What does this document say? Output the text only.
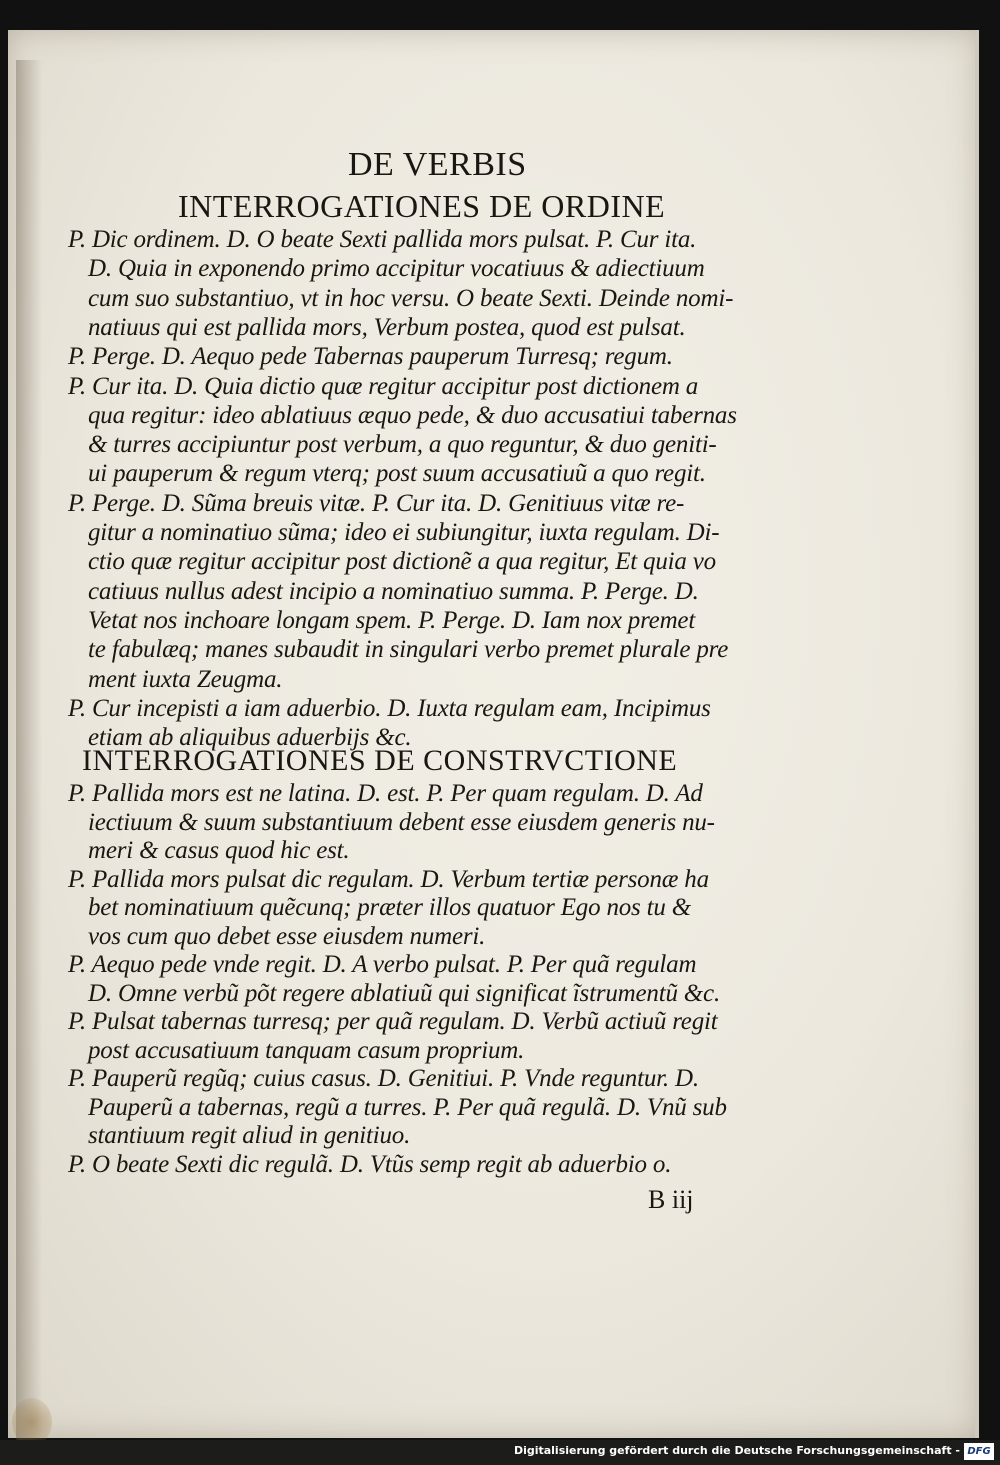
DE VERBIS
INTERROGATIONES DE ORDINE
P. Dic ordinem. D. O beate Sexti pallida mors pulsat. P. Cur ita.
D. Quia in exponendo primo accipitur vocatiuus & adiectiuum
cum suo substantiuo, vt in hoc versu. O beate Sexti. Deinde nomi-
natiuus qui est pallida mors, Verbum postea, quod est pulsat.
P. Perge. D. Aequo pede Tabernas pauperum Turresq; regum.
P. Cur ita. D. Quia dictio quæ regitur accipitur post dictionem a
qua regitur: ideo ablatiuus æquo pede, & duo accusatiui tabernas
& turres accipiuntur post verbum, a quo reguntur, & duo geniti-
ui pauperum & regum vterq; post suum accusatiuũ a quo regit.
P. Perge. D. Sũma breuis vitæ. P. Cur ita. D. Genitiuus vitæ re-
gitur a nominatiuo sũma; ideo ei subiungitur, iuxta regulam. Di-
ctio quæ regitur accipitur post dictionẽ a qua regitur, Et quia vo
catiuus nullus adest incipio a nominatiuo summa. P. Perge. D.
Vetat nos inchoare longam spem. P. Perge. D. Iam nox premet
te fabulæq; manes subaudit in singulari verbo premet plurale pre
ment iuxta Zeugma.
P. Cur incepisti a iam aduerbio. D. Iuxta regulam eam, Incipimus
etiam ab aliquibus aduerbijs &c.
INTERROGATIONES DE CONSTRVCTIONE
P. Pallida mors est ne latina. D. est. P. Per quam regulam. D. Ad
iectiuum & suum substantiuum debent esse eiusdem generis nu-
meri & casus quod hic est.
P. Pallida mors pulsat dic regulam. D. Verbum tertiæ personæ ha
bet nominatiuum quẽcunq; præter illos quatuor Ego nos tu &
vos cum quo debet esse eiusdem numeri.
P. Aequo pede vnde regit. D. A verbo pulsat. P. Per quã regulam
D. Omne verbũ põt regere ablatiuũ qui significat ĩstrumentũ &c.
P. Pulsat tabernas turresq; per quã regulam. D. Verbũ actiuũ regit
post accusatiuum tanquam casum proprium.
P. Pauperũ regũq; cuius casus. D. Genitiui. P. Vnde reguntur. D.
Pauperũ a tabernas, regũ a turres. P. Per quã regulã. D. Vnũ sub
stantiuum regit aliud in genitiuo.
P. O beate Sexti dic regulã. D. Vtũs semp regit ab aduerbio o.
B iij
Digitalisierung gefördert durch die Deutsche Forschungsgemeinschaft - DFG
